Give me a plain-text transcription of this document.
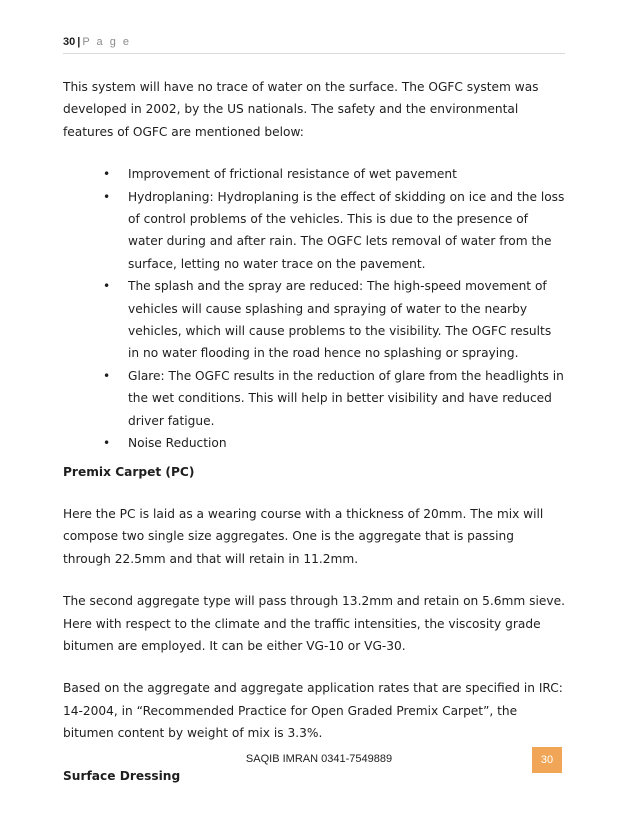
30 | P a g e

This system will have no trace of water on the surface. The OGFC system was developed in 2002, by the US nationals. The safety and the environmental features of OGFC are mentioned below:

• Improvement of frictional resistance of wet pavement
• Hydroplaning: Hydroplaning is the effect of skidding on ice and the loss of control problems of the vehicles. This is due to the presence of water during and after rain. The OGFC lets removal of water from the surface, letting no water trace on the pavement.
• The splash and the spray are reduced: The high-speed movement of vehicles will cause splashing and spraying of water to the nearby vehicles, which will cause problems to the visibility. The OGFC results in no water flooding in the road hence no splashing or spraying.
• Glare: The OGFC results in the reduction of glare from the headlights in the wet conditions. This will help in better visibility and have reduced driver fatigue.
• Noise Reduction
Premix Carpet (PC)

Here the PC is laid as a wearing course with a thickness of 20mm. The mix will compose two single size aggregates. One is the aggregate that is passing through 22.5mm and that will retain in 11.2mm.

The second aggregate type will pass through 13.2mm and retain on 5.6mm sieve. Here with respect to the climate and the traffic intensities, the viscosity grade bitumen are employed. It can be either VG-10 or VG-30.

Based on the aggregate and aggregate application rates that are specified in IRC: 14-2004, in “Recommended Practice for Open Graded Premix Carpet”, the bitumen content by weight of mix is 3.3%.

Surface Dressing
SAQIB IMRAN 0341-7549889	30
